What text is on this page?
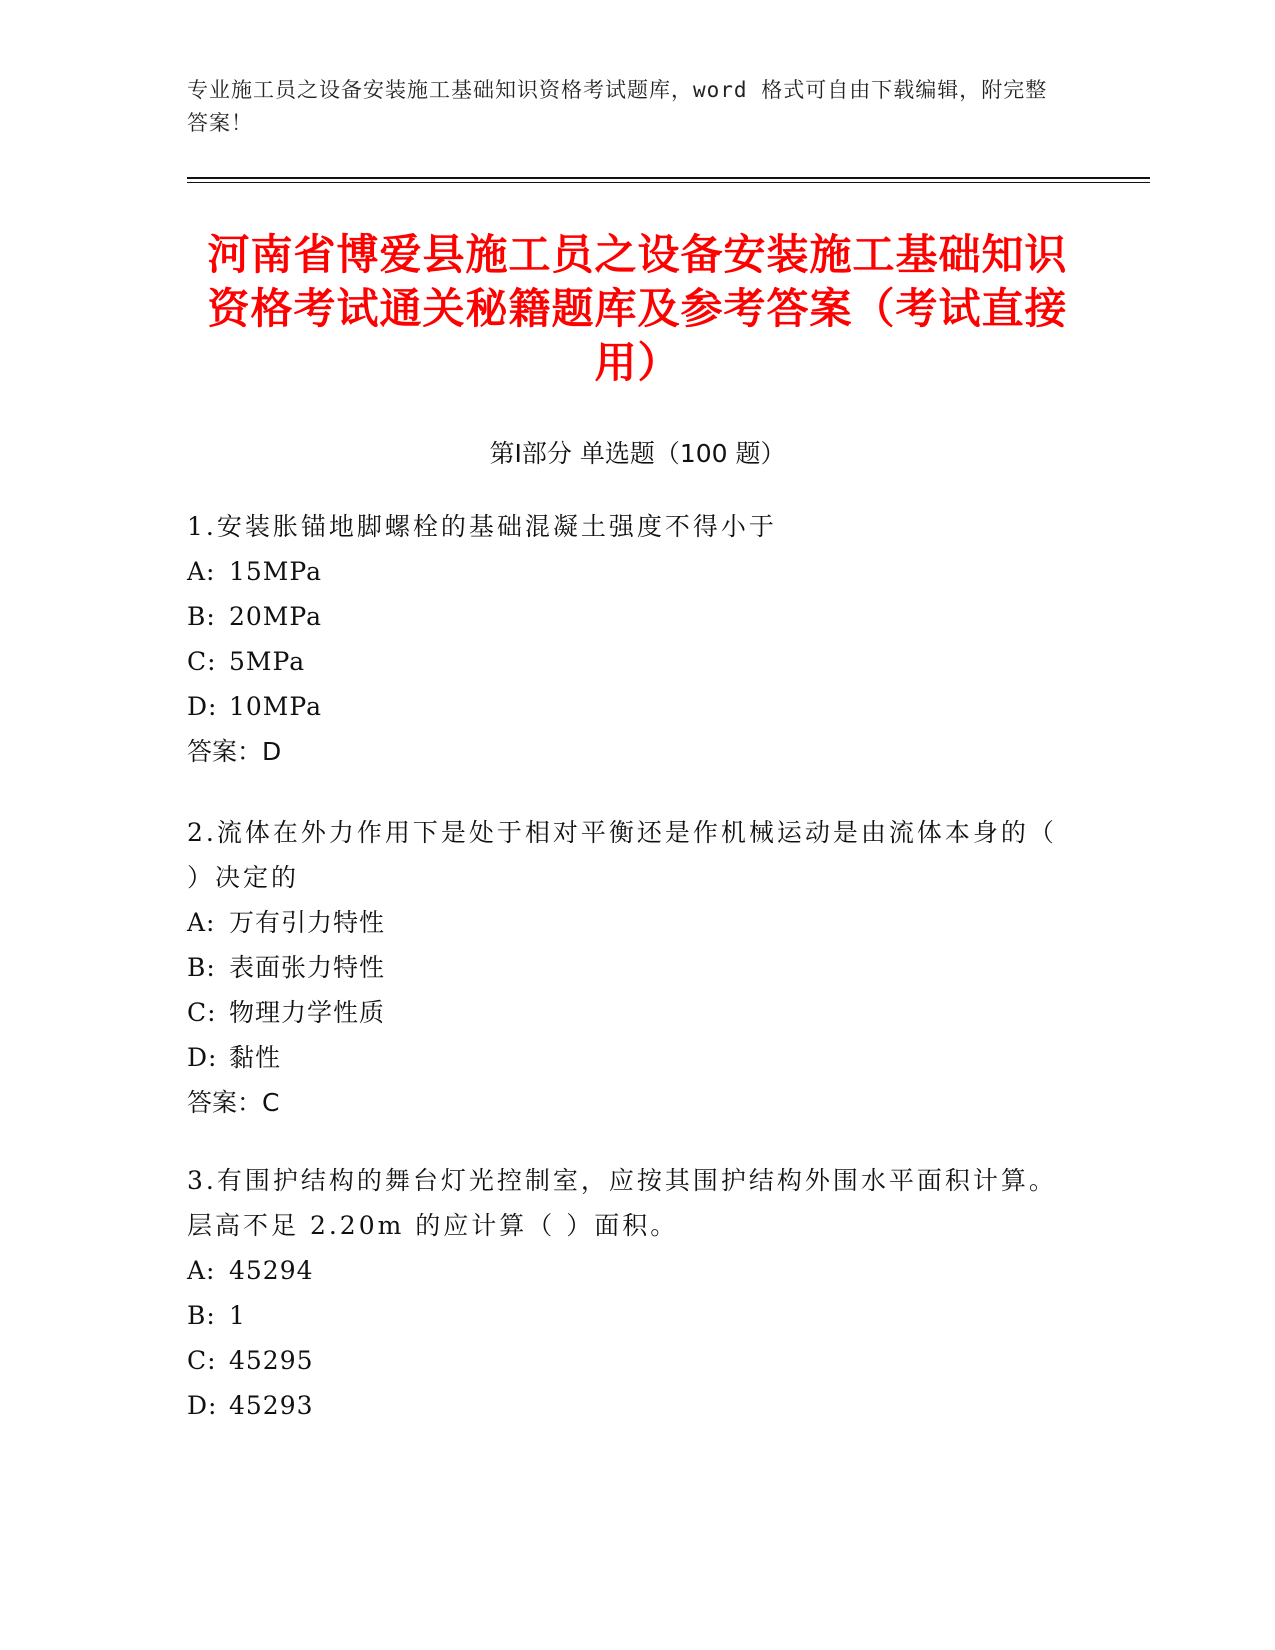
专业施工员之设备安装施工基础知识资格考试题库，word 格式可自由下载编辑，附完整答案！
河南省博爱县施工员之设备安装施工基础知识资格考试通关秘籍题库及参考答案（考试直接用）
第Ⅰ部分 单选题（100 题）

1.安装胀锚地脚螺栓的基础混凝土强度不得小于

A: 15MPa

B: 20MPa

C: 5MPa

D: 10MPa

答案：D

2.流体在外力作用下是处于相对平衡还是作机械运动是由流体本身的（ ）决定的

A: 万有引力特性

B: 表面张力特性

C: 物理力学性质

D: 黏性

答案：C

3.有围护结构的舞台灯光控制室，应按其围护结构外围水平面积计算。层高不足 2.20m 的应计算（ ）面积。

A: 45294

B: 1

C: 45295

D: 45293
